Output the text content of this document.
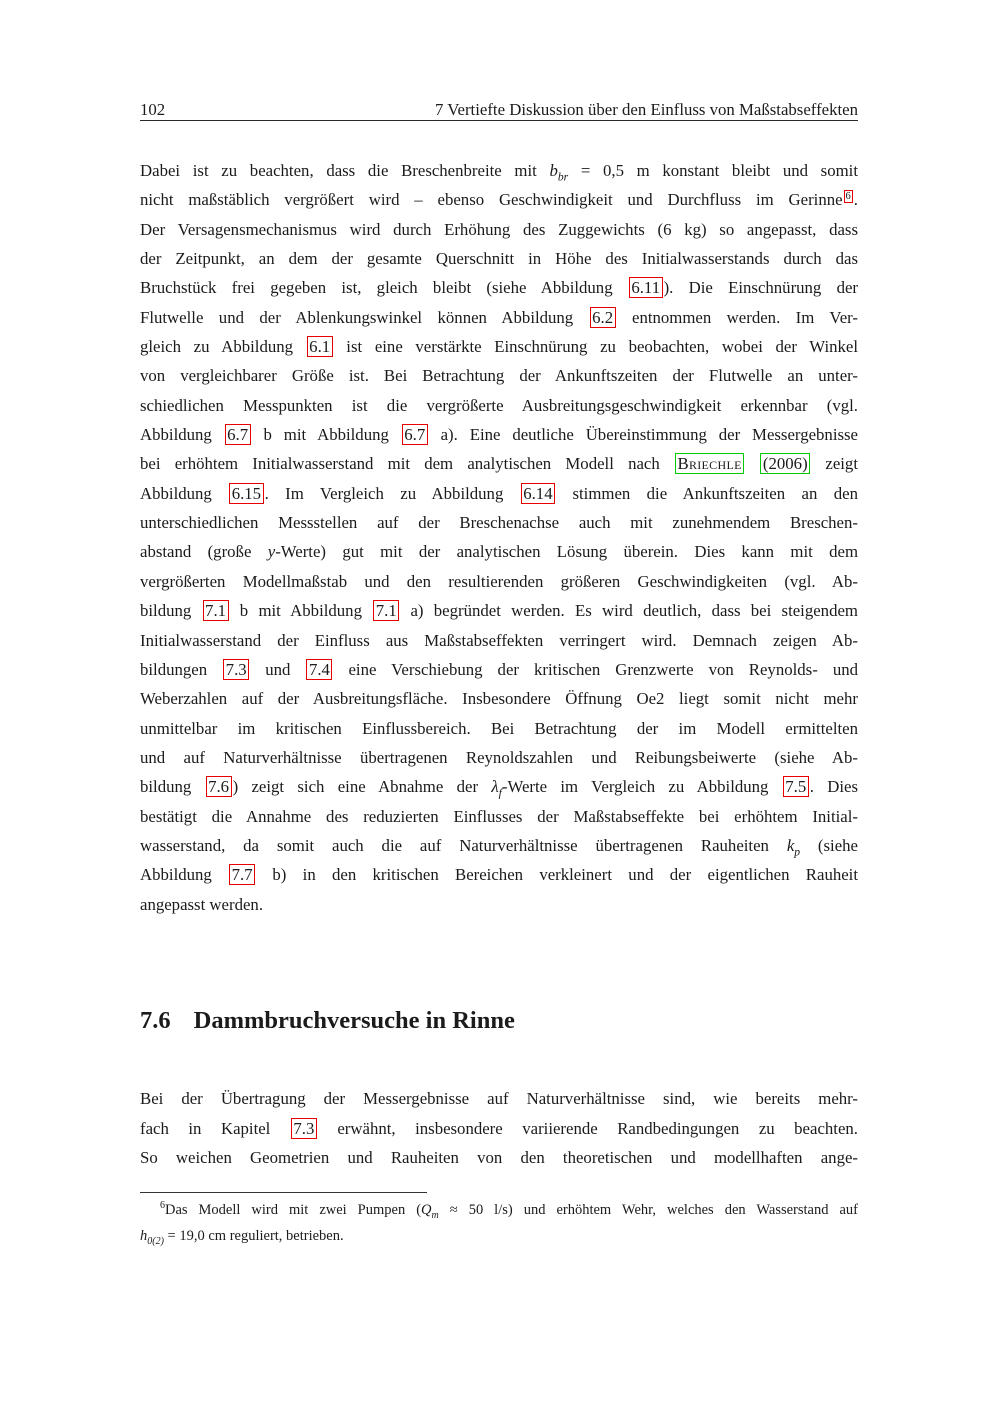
102	7 Vertiefte Diskussion über den Einfluss von Maßstabseffekten
Dabei ist zu beachten, dass die Breschenbreite mit $b_{br} = 0,5$ m konstant bleibt und somit
nicht maßstäblich vergrößert wird – ebenso Geschwindigkeit und Durchfluss im Gerinne $^6$ .
Der Versagensmechanismus wird durch Erhöhung des Zuggewichts (6 kg) so angepasst, dass
der Zeitpunkt, an dem der gesamte Querschnitt in Höhe des Initialwasserstands durch das
Bruchstück frei gegeben ist, gleich bleibt (siehe Abbildung 6.11 ). Die Einschnürung der
Flutwelle und der Ablenkungswinkel können Abbildung 6.2 entnommen werden. Im Ver-
gleich zu Abbildung 6.1 ist eine verstärkte Einschnürung zu beobachten, wobei der Winkel
von vergleichbarer Größe ist. Bei Betrachtung der Ankunftszeiten der Flutwelle an unter-
schiedlichen Messpunkten ist die vergrößerte Ausbreitungsgeschwindigkeit erkennbar (vgl.
Abbildung 6.7 b mit Abbildung 6.7 a). Eine deutliche Übereinstimmung der Messergebnisse
bei erhöhtem Initialwasserstand mit dem analytischen Modell nach Briechle (2006) zeigt
Abbildung 6.15 . Im Vergleich zu Abbildung 6.14 stimmen die Ankunftszeiten an den
unterschiedlichen Messstellen auf der Breschenachse auch mit zunehmendem Breschen-
abstand (große y-Werte) gut mit der analytischen Lösung überein. Dies kann mit dem
vergrößerten Modellmaßstab und den resultierenden größeren Geschwindigkeiten (vgl. Ab-
bildung 7.1 b mit Abbildung 7.1 a) begründet werden. Es wird deutlich, dass bei steigendem
Initialwasserstand der Einfluss aus Maßstabseffekten verringert wird. Demnach zeigen Ab-
bildungen 7.3 und 7.4 eine Verschiebung der kritischen Grenzwerte von Reynolds- und
Weberzahlen auf der Ausbreitungsfläche. Insbesondere Öffnung Oe2 liegt somit nicht mehr
unmittelbar im kritischen Einflussbereich. Bei Betrachtung der im Modell ermittelten
und auf Naturverhältnisse übertragenen Reynoldszahlen und Reibungsbeiwerte (siehe Ab-
bildung 7.6 ) zeigt sich eine Abnahme der $\lambda_f$-Werte im Vergleich zu Abbildung 7.5 . Dies
bestätigt die Annahme des reduzierten Einflusses der Maßstabseffekte bei erhöhtem Initial-
wasserstand, da somit auch die auf Naturverhältnisse übertragenen Rauheiten $k_p$ (siehe
Abbildung 7.7 b) in den kritischen Bereichen verkleinert und der eigentlichen Rauheit
angepasst werden.
7.6 Dammbruchversuche in Rinne
Bei der Übertragung der Messergebnisse auf Naturverhältnisse sind, wie bereits mehr-
fach in Kapitel 7.3 erwähnt, insbesondere variierende Randbedingungen zu beachten.
So weichen Geometrien und Rauheiten von den theoretischen und modellhaften ange-
$^6$Das Modell wird mit zwei Pumpen ($Q_m \approx 50$ l/s) und erhöhtem Wehr, welches den Wasserstand auf
$h_{0(2)} = 19,0$ cm reguliert, betrieben.
